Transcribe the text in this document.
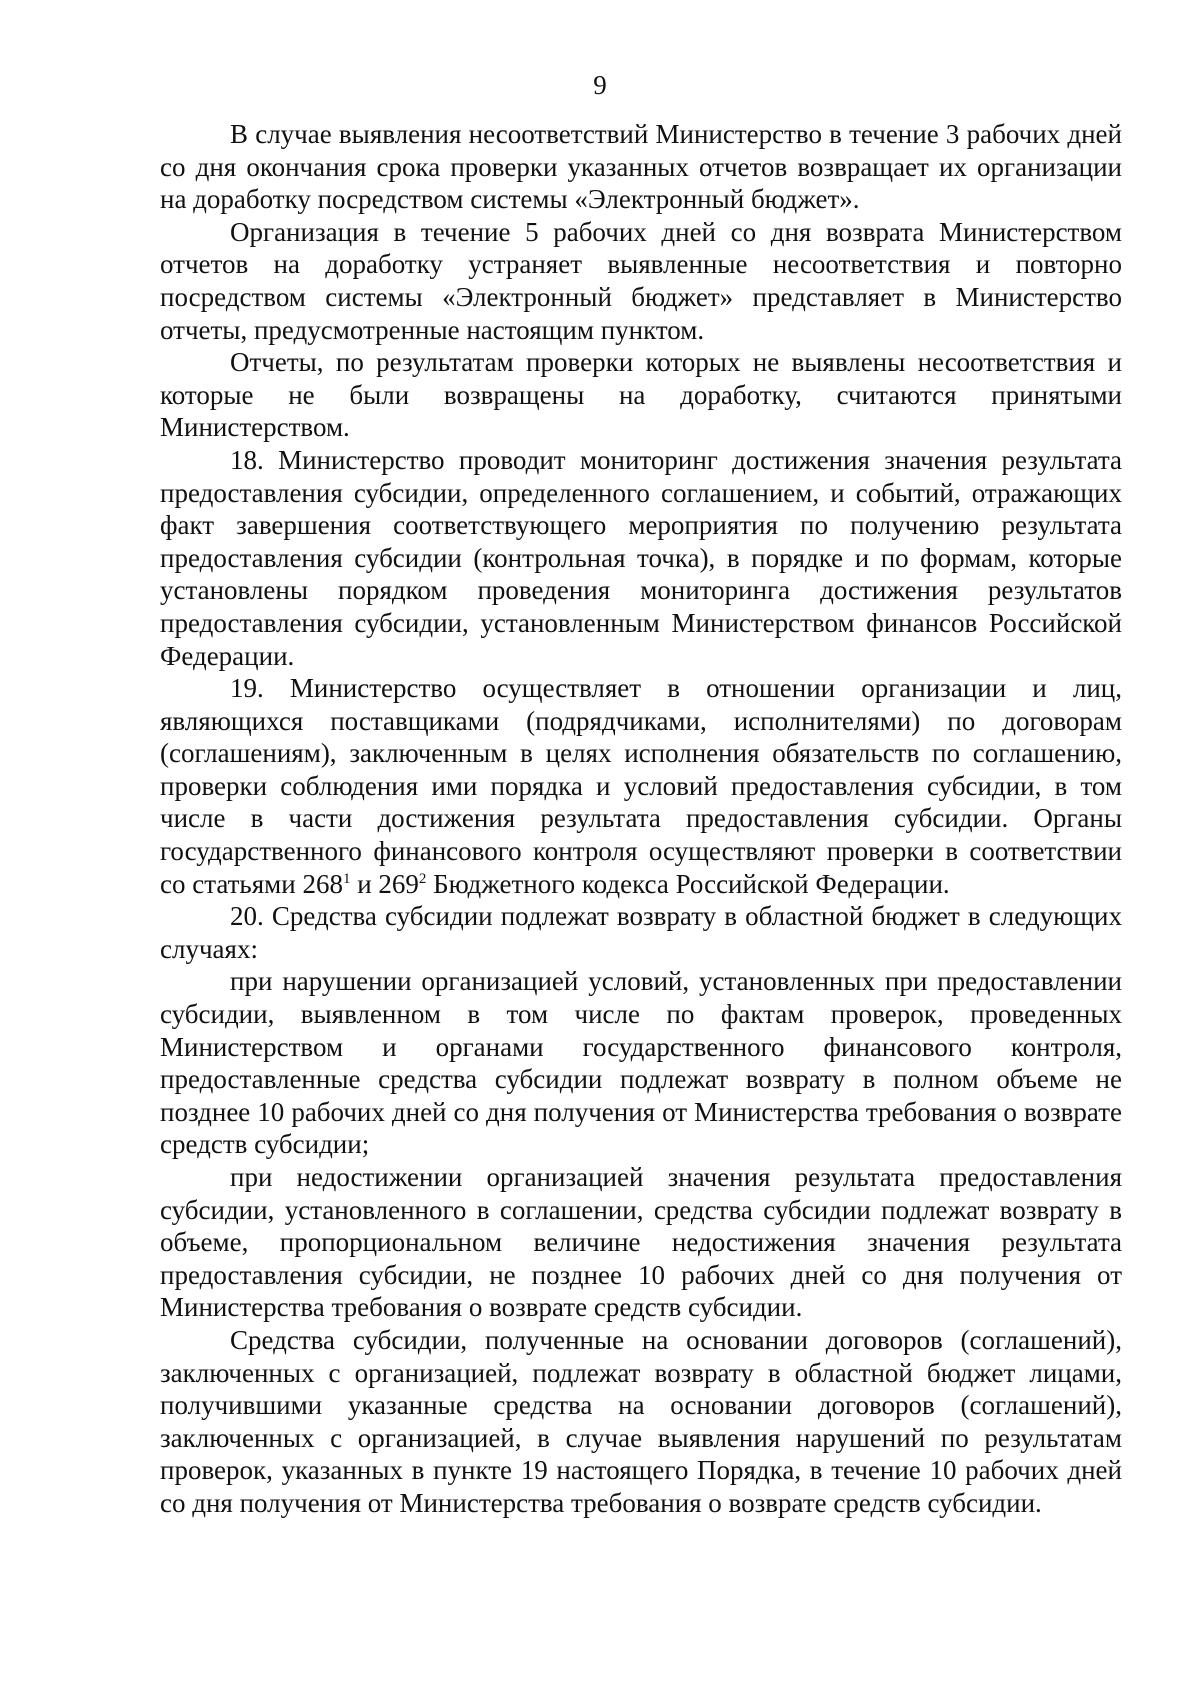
9

В случае выявления несоответствий Министерство в течение 3 рабочих дней со дня окончания срока проверки указанных отчетов возвращает их организации на доработку посредством системы «Электронный бюджет».

Организация в течение 5 рабочих дней со дня возврата Министерством отчетов на доработку устраняет выявленные несоответствия и повторно посредством системы «Электронный бюджет» представляет в Министерство отчеты, предусмотренные настоящим пунктом.

Отчеты, по результатам проверки которых не выявлены несоответствия и которые не были возвращены на доработку, считаются принятыми Министерством.

18. Министерство проводит мониторинг достижения значения результата предоставления субсидии, определенного соглашением, и событий, отражающих факт завершения соответствующего мероприятия по получению результата предоставления субсидии (контрольная точка), в порядке и по формам, которые установлены порядком проведения мониторинга достижения результатов предоставления субсидии, установленным Министерством финансов Российской Федерации.

19. Министерство осуществляет в отношении организации и лиц, являющихся поставщиками (подрядчиками, исполнителями) по договорам (соглашениям), заключенным в целях исполнения обязательств по соглашению, проверки соблюдения ими порядка и условий предоставления субсидии, в том числе в части достижения результата предоставления субсидии. Органы государственного финансового контроля осуществляют проверки в соответствии со статьями $268^1$ и $269^2$ Бюджетного кодекса Российской Федерации.

20. Средства субсидии подлежат возврату в областной бюджет в следующих случаях:

при нарушении организацией условий, установленных при предоставлении субсидии, выявленном в том числе по фактам проверок, проведенных Министерством и органами государственного финансового контроля, предоставленные средства субсидии подлежат возврату в полном объеме не позднее 10 рабочих дней со дня получения от Министерства требования о возврате средств субсидии;

при недостижении организацией значения результата предоставления субсидии, установленного в соглашении, средства субсидии подлежат возврату в объеме, пропорциональном величине недостижения значения результата предоставления субсидии, не позднее 10 рабочих дней со дня получения от Министерства требования о возврате средств субсидии.

Средства субсидии, полученные на основании договоров (соглашений), заключенных с организацией, подлежат возврату в областной бюджет лицами, получившими указанные средства на основании договоров (соглашений), заключенных с организацией, в случае выявления нарушений по результатам проверок, указанных в пункте 19 настоящего Порядка, в течение 10 рабочих дней со дня получения от Министерства требования о возврате средств субсидии.
